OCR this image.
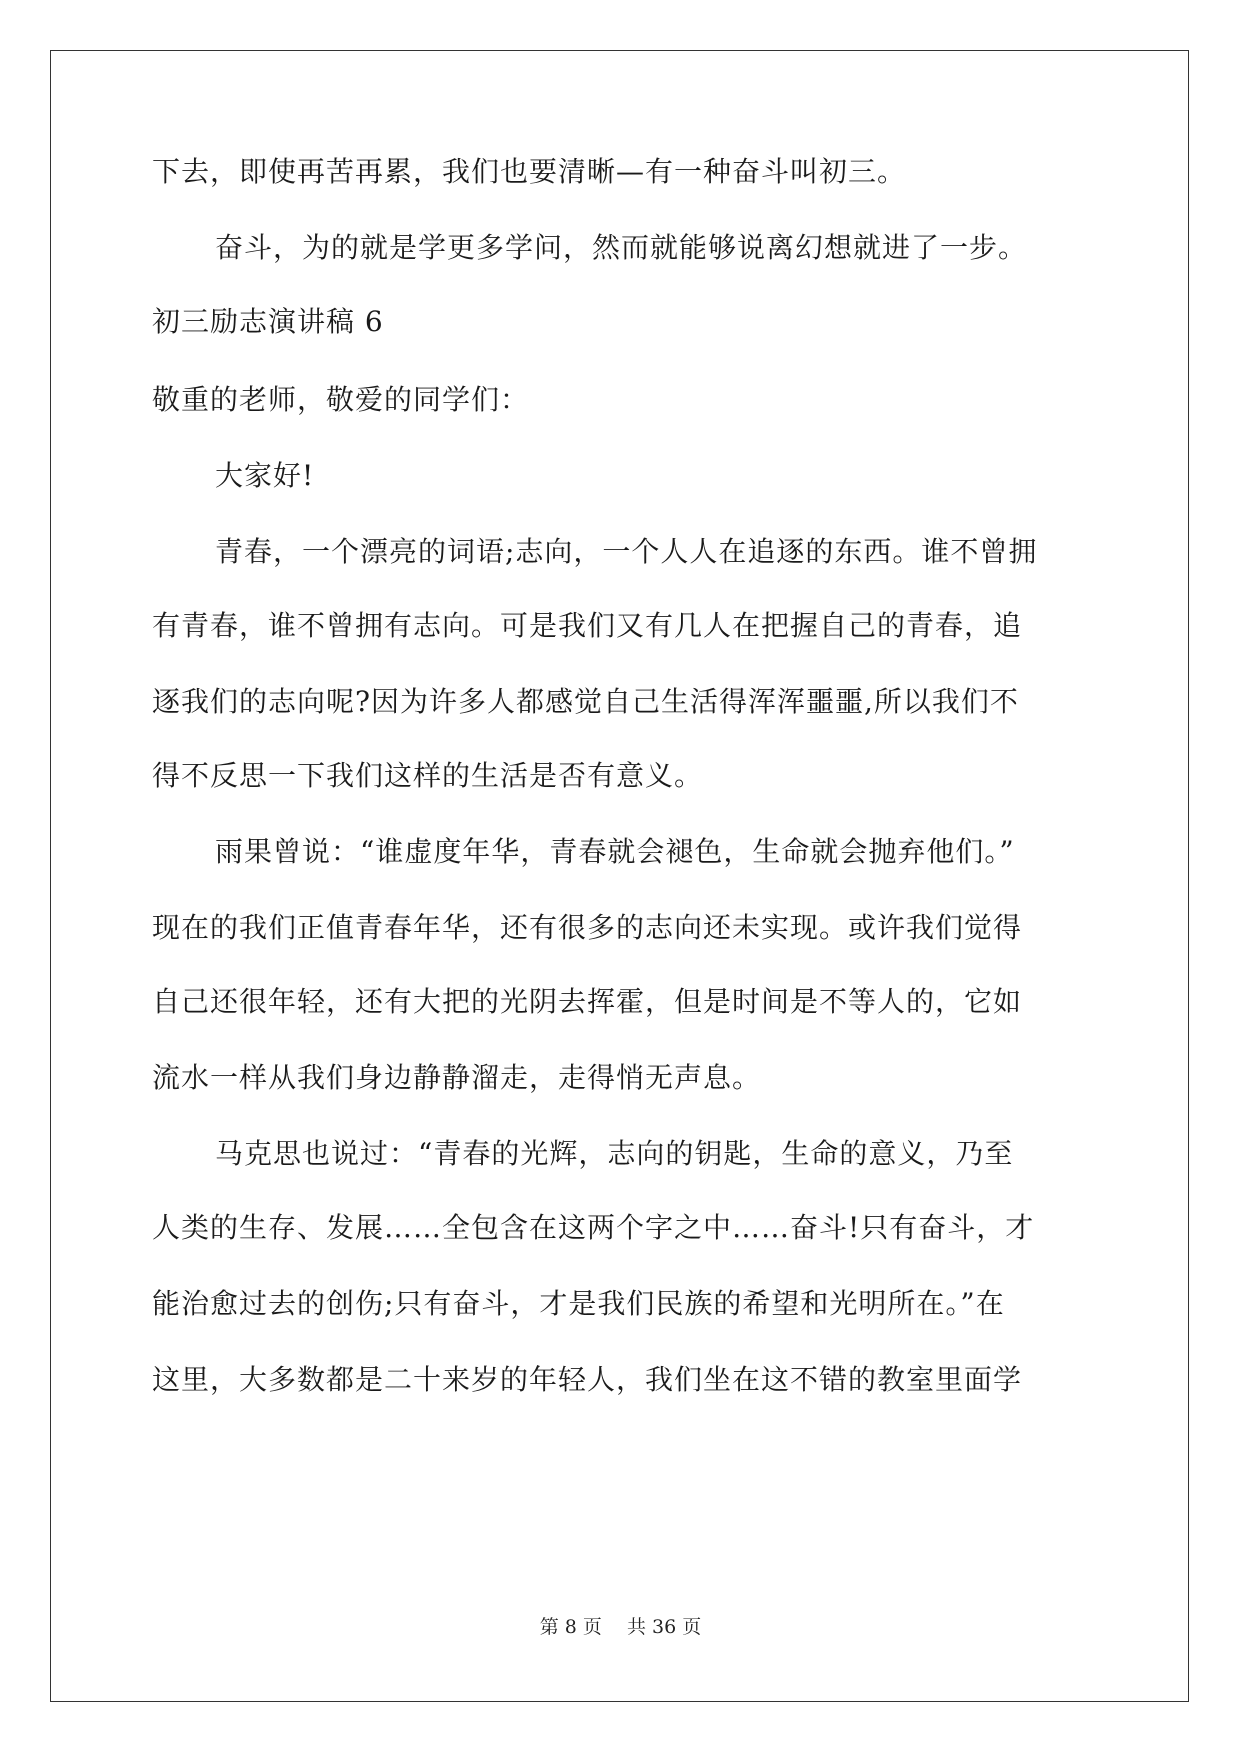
下去，即使再苦再累，我们也要清晰—有一种奋斗叫初三。
奋斗，为的就是学更多学问，然而就能够说离幻想就进了一步。
初三励志演讲稿 6
敬重的老师，敬爱的同学们：
大家好!
青春，一个漂亮的词语;志向，一个人人在追逐的东西。谁不曾拥
有青春，谁不曾拥有志向。可是我们又有几人在把握自己的青春，追
逐我们的志向呢?因为许多人都感觉自己生活得浑浑噩噩,所以我们不
得不反思一下我们这样的生活是否有意义。
雨果曾说：“谁虚度年华，青春就会褪色，生命就会抛弃他们。”
现在的我们正值青春年华，还有很多的志向还未实现。或许我们觉得
自己还很年轻，还有大把的光阴去挥霍，但是时间是不等人的，它如
流水一样从我们身边静静溜走，走得悄无声息。
马克思也说过：“青春的光辉，志向的钥匙，生命的意义，乃至
人类的生存、发展……全包含在这两个字之中……奋斗!只有奋斗，才
能治愈过去的创伤;只有奋斗，才是我们民族的希望和光明所在。”在
这里，大多数都是二十来岁的年轻人，我们坐在这不错的教室里面学
第 8 页　 共 36 页
